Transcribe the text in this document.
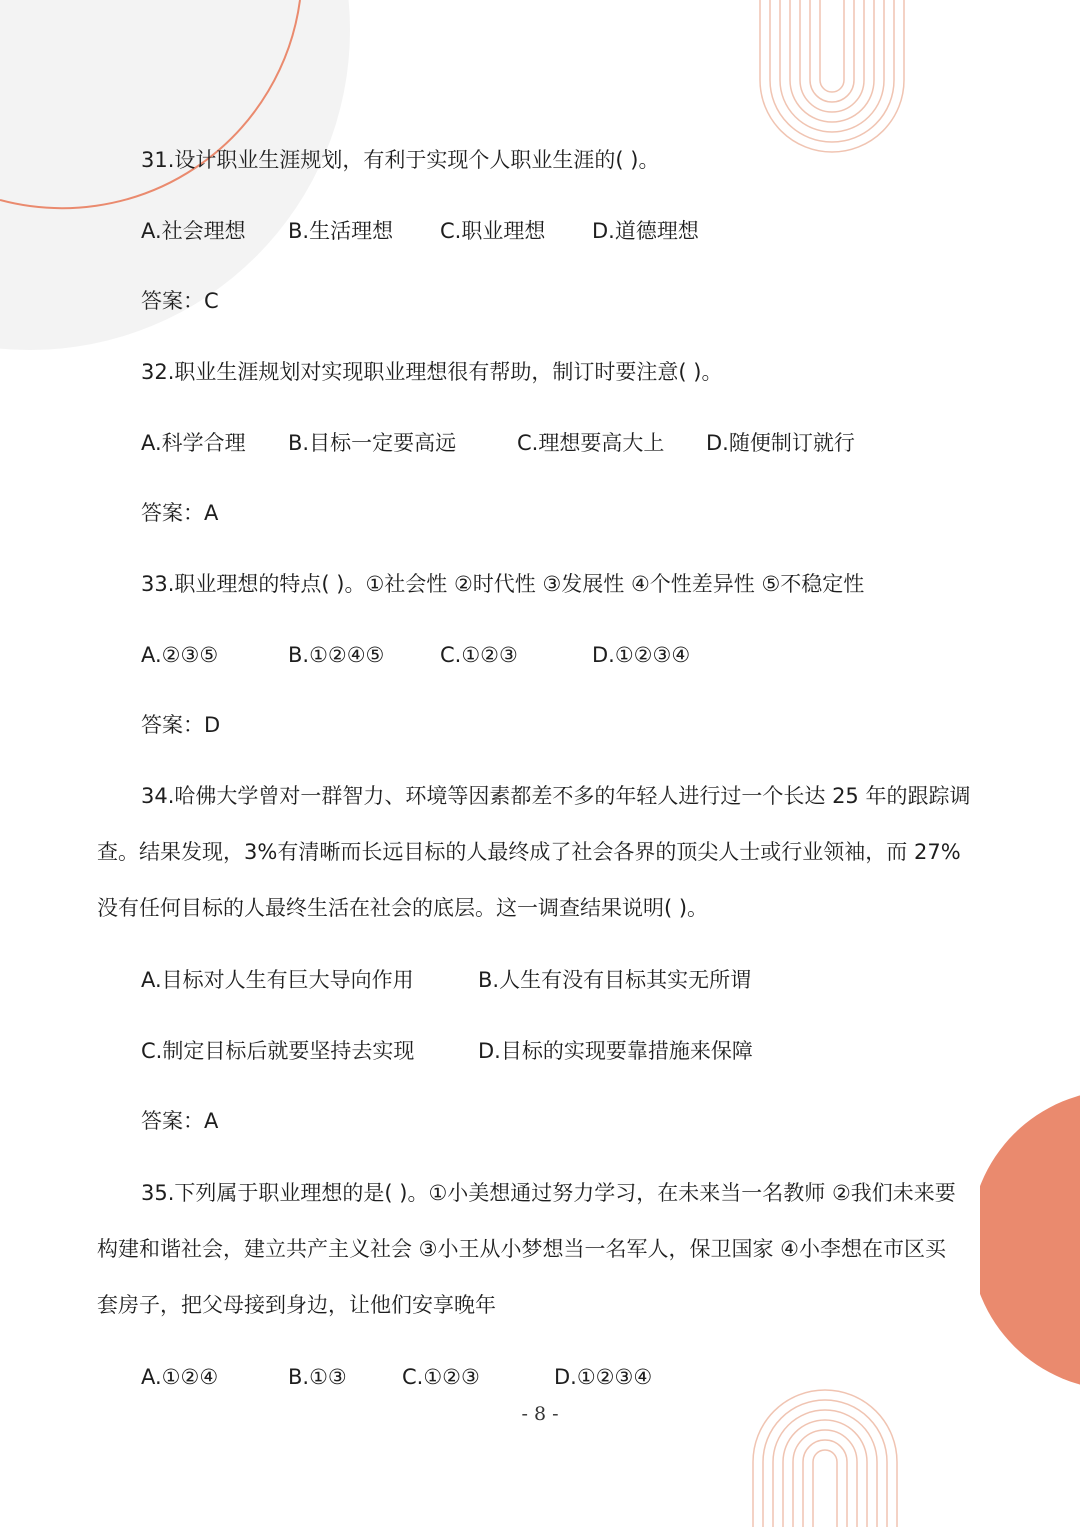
31.设计职业生涯规划，有利于实现个人职业生涯的( )。
A.社会理想 B.生活理想 C.职业理想 D.道德理想
答案：C
32.职业生涯规划对实现职业理想很有帮助，制订时要注意( )。
A.科学合理 B.目标一定要高远	C.理想要高大上 D.随便制订就行
答案：A
33.职业理想的特点( )。①社会性 ②时代性 ③发展性 ④个性差异性 ⑤不稳定性
A.②③⑤	B.①②④⑤	C.①②③	D.①②③④
答案：D
34.哈佛大学曾对一群智力、环境等因素都差不多的年轻人进行过一个长达 25 年的跟踪调
查。结果发现，3%有清晰而长远目标的人最终成了社会各界的顶尖人士或行业领袖，而 27%
没有任何目标的人最终生活在社会的底层。这一调查结果说明( )。
A.目标对人生有巨大导向作用	B.人生有没有目标其实无所谓
C.制定目标后就要坚持去实现	D.目标的实现要靠措施来保障
答案：A
35.下列属于职业理想的是( )。①小美想通过努力学习，在未来当一名教师 ②我们未来要
构建和谐社会，建立共产主义社会 ③小王从小梦想当一名军人，保卫国家 ④小李想在市区买
套房子，把父母接到身边，让他们安享晚年
A.①②④	B.①③	C.①②③	D.①②③④
- 8 -
